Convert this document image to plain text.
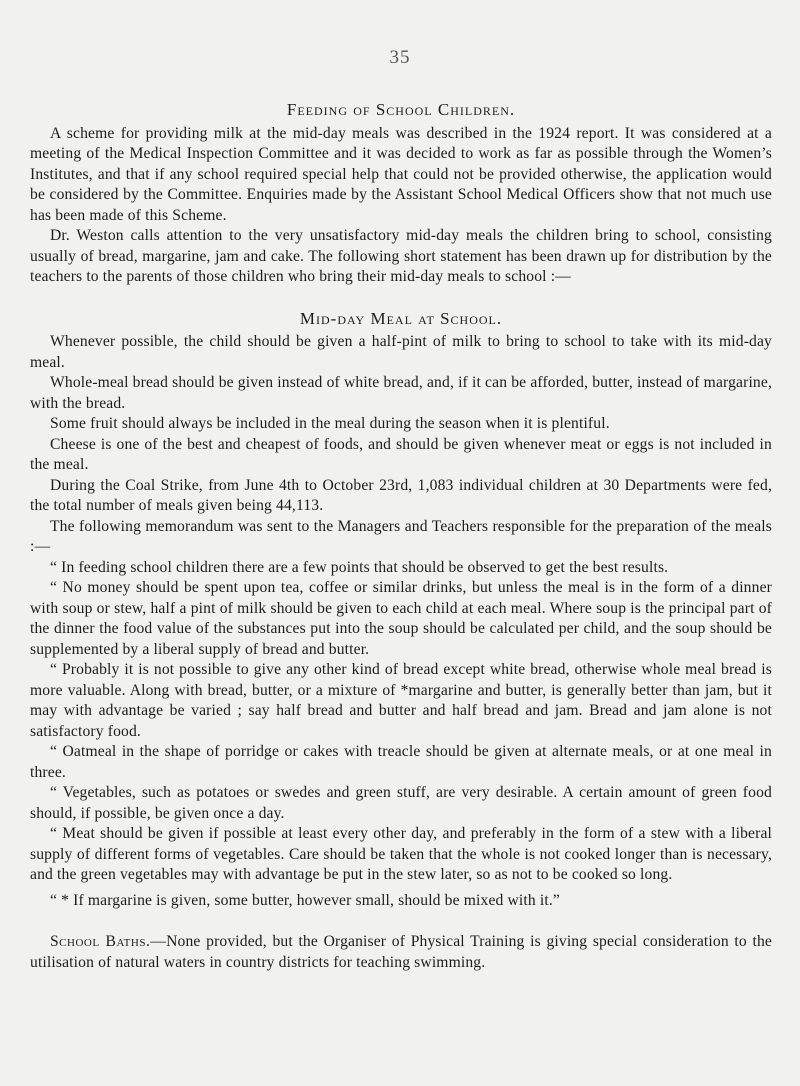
35
Feeding of School Children.

A scheme for providing milk at the mid-day meals was described in the 1924 report. It was considered at a meeting of the Medical Inspection Committee and it was decided to work as far as possible through the Women’s Institutes, and that if any school required special help that could not be provided otherwise, the application would be considered by the Committee. Enquiries made by the Assistant School Medical Officers show that not much use has been made of this Scheme.

Dr. Weston calls attention to the very unsatisfactory mid-day meals the children bring to school, consisting usually of bread, margarine, jam and cake. The following short statement has been drawn up for distribution by the teachers to the parents of those children who bring their mid-day meals to school :—

Mid-day Meal at School.

Whenever possible, the child should be given a half-pint of milk to bring to school to take with its mid-day meal.

Whole-meal bread should be given instead of white bread, and, if it can be afforded, butter, instead of margarine, with the bread.

Some fruit should always be included in the meal during the season when it is plentiful.

Cheese is one of the best and cheapest of foods, and should be given whenever meat or eggs is not included in the meal.

During the Coal Strike, from June 4th to October 23rd, 1,083 individual children at 30 Departments were fed, the total number of meals given being 44,113.

The following memorandum was sent to the Managers and Teachers responsible for the preparation of the meals :—

“ In feeding school children there are a few points that should be observed to get the best results.

“ No money should be spent upon tea, coffee or similar drinks, but unless the meal is in the form of a dinner with soup or stew, half a pint of milk should be given to each child at each meal. Where soup is the principal part of the dinner the food value of the substances put into the soup should be calculated per child, and the soup should be supplemented by a liberal supply of bread and butter.

“ Probably it is not possible to give any other kind of bread except white bread, otherwise whole meal bread is more valuable. Along with bread, butter, or a mixture of *margarine and butter, is generally better than jam, but it may with advantage be varied ; say half bread and butter and half bread and jam. Bread and jam alone is not satisfactory food.

“ Oatmeal in the shape of porridge or cakes with treacle should be given at alternate meals, or at one meal in three.

“ Vegetables, such as potatoes or swedes and green stuff, are very desirable. A certain amount of green food should, if possible, be given once a day.

“ Meat should be given if possible at least every other day, and preferably in the form of a stew with a liberal supply of different forms of vegetables. Care should be taken that the whole is not cooked longer than is necessary, and the green vegetables may with advantage be put in the stew later, so as not to be cooked so long.

“ * If margarine is given, some butter, however small, should be mixed with it.”

School Baths.—None provided, but the Organiser of Physical Training is giving special consideration to the utilisation of natural waters in country districts for teaching swimming.
